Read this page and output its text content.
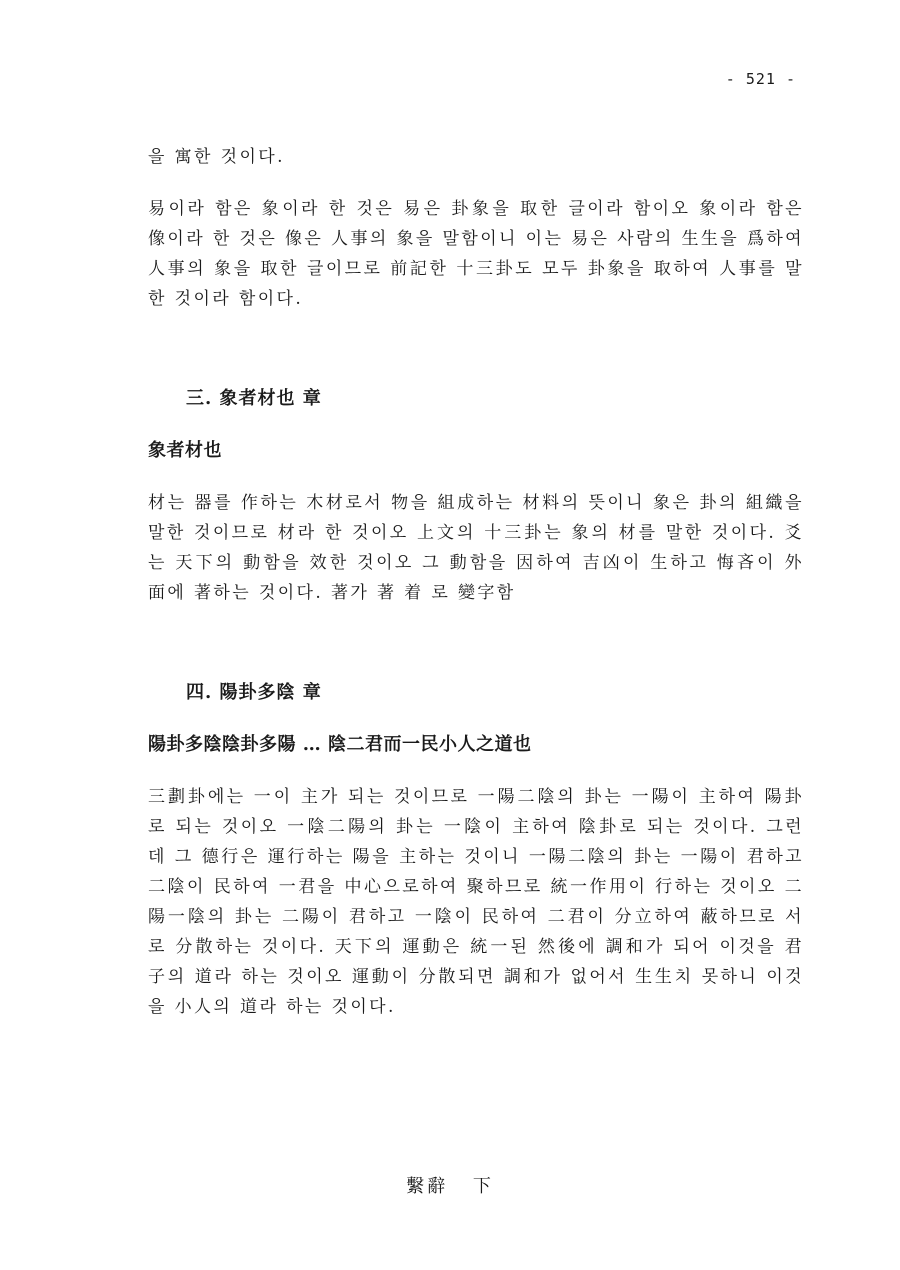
- 521 -

을 寓한 것이다.

易이라 함은 象이라 한 것은 易은 卦象을 取한 글이라 함이오 象이라 함은 像이라 한 것은 像은 人事의 象을 말함이니 이는 易은 사람의 生生을 爲하여 人事의 象을 取한 글이므로 前記한 十三卦도 모두 卦象을 取하여 人事를 말한 것이라 함이다.

三. 象者材也 章

象者材也

材는 器를 作하는 木材로서 物을 組成하는 材料의 뜻이니 象은 卦의 組織을 말한 것이므로 材라 한 것이오 上文의 十三卦는 象의 材를 말한 것이다. 爻는 天下의 動함을 效한 것이오 그 動함을 因하여 吉凶이 生하고 悔吝이 外面에 著하는 것이다. 著가 著 着 로 變字함

四. 陽卦多陰 章

陽卦多陰陰卦多陽 … 陰二君而一民小人之道也

三劃卦에는 一이 主가 되는 것이므로 一陽二陰의 卦는 一陽이 主하여 陽卦로 되는 것이오 一陰二陽의 卦는 一陰이 主하여 陰卦로 되는 것이다. 그런데 그 德行은 運行하는 陽을 主하는 것이니 一陽二陰의 卦는 一陽이 君하고 二陰이 民하여 一君을 中心으로하여 聚하므로 統一作用이 行하는 것이오 二陽一陰의 卦는 二陽이 君하고 一陰이 民하여 二君이 分立하여 蔽하므로 서로 分散하는 것이다. 天下의 運動은 統一된 然後에 調和가 되어 이것을 君子의 道라 하는 것이오 運動이 分散되면 調和가 없어서 生生치 못하니 이것을 小人의 道라 하는 것이다.

繫辭 下
